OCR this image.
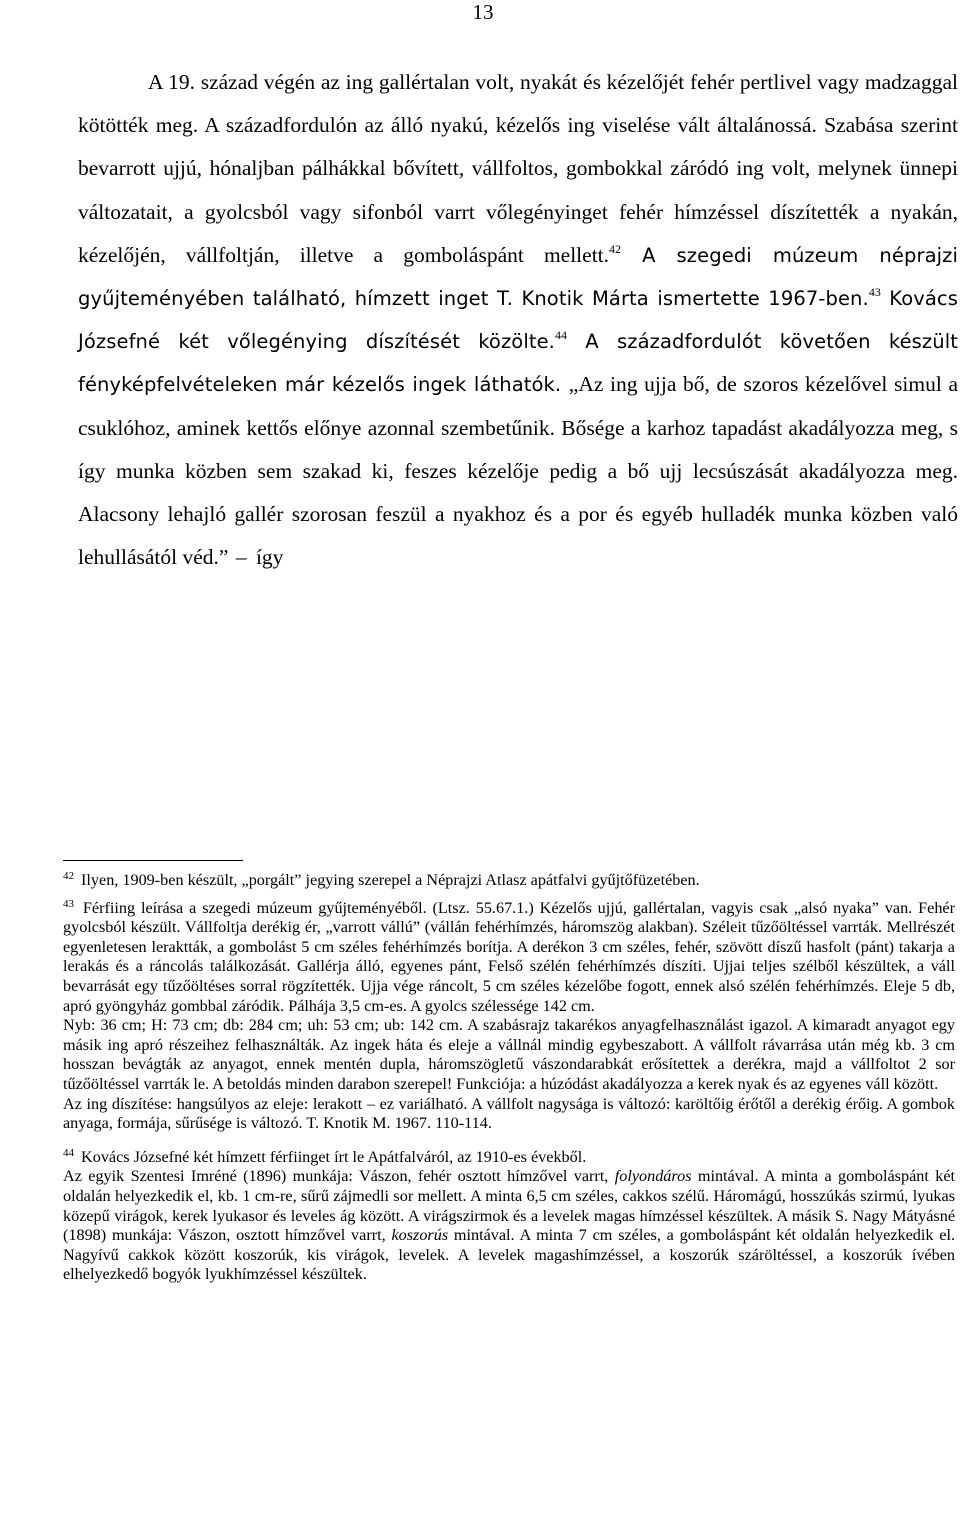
13
A 19. század végén az ing gallértalan volt, nyakát és kézelőjét fehér pertlivel vagy madzaggal kötötték meg. A századfordulón az álló nyakú, kézelős ing viselése vált általánossá. Szabása szerint bevarrott ujjú, hónaljban pálhákkal bővített, vállfoltos, gombokkal záródó ing volt, melynek ünnepi változatait, a gyolcsból vagy sifonból varrt vőlegényinget fehér hímzéssel díszítették a nyakán, kézelőjén, vállfoltján, illetve a gomboláspánt mellett.$^{42}$ A szegedi múzeum néprajzi gyűjteményében található, hímzett inget T. Knotik Márta ismertette 1967-ben.$^{43}$ Kovács Józsefné két vőlegénying díszítését közölte.$^{44}$ A századfordulót követően készült fényképfelvételeken már kézelős ingek láthatók. „Az ing ujja bő, de szoros kézelővel simul a csuklóhoz, aminek kettős előnye azonnal szembetűnik. Bősége a karhoz tapadást akadályozza meg, s így munka közben sem szakad ki, feszes kézelője pedig a bő ujj lecsúszását akadályozza meg. Alacsony lehajló gallér szorosan feszül a nyakhoz és a por és egyéb hulladék munka közben való lehullásától véd.” – így

$^{42}$ Ilyen, 1909-ben készült, „porgált” jegying szerepel a Néprajzi Atlasz apátfalvi gyűjtőfüzetében.

$^{43}$ Férfiing leírása a szegedi múzeum gyűjteményéből. (Ltsz. 55.67.1.) Kézelős ujjú, gallértalan, vagyis csak „alsó nyaka” van. Fehér gyolcsból készült. Vállfoltja derékig ér, „varrott vállú” (vállán fehérhímzés, háromszög alakban). Széleit tűzőöltéssel varrták. Mellrészét egyenletesen leraktták, a gombolást 5 cm széles fehérhímzés borítja. A derékon 3 cm széles, fehér, szövött díszű hasfolt (pánt) takarja a lerakás és a ráncolás találkozását. Gallérja álló, egyenes pánt, Felső szélén fehérhímzés díszíti. Ujjai teljes szélből készültek, a váll bevarrását egy tűzőöltéses sorral rögzítették. Ujja vége ráncolt, 5 cm széles kézelőbe fogott, ennek alsó szélén fehérhímzés. Eleje 5 db, apró gyöngyház gombbal záródik. Pálhája 3,5 cm-es. A gyolcs szélessége 142 cm.

Nyb: 36 cm; H: 73 cm; db: 284 cm; uh: 53 cm; ub: 142 cm. A szabásrajz takarékos anyagfelhasználást igazol. A kimaradt anyagot egy másik ing apró részeihez felhasználták. Az ingek háta és eleje a vállnál mindig egybeszabott. A vállfolt rávarrása után még kb. 3 cm hosszan bevágták az anyagot, ennek mentén dupla, háromszögletű vászondarabkát erősítettek a derékra, majd a vállfoltot 2 sor tűzőöltéssel varrták le. A betoldás minden darabon szerepel! Funkciója: a húzódást akadályozza a kerek nyak és az egyenes váll között.

Az ing díszítése: hangsúlyos az eleje: lerakott – ez variálható. A vállfolt nagysága is változó: karöltőig érőtől a derékig érőig. A gombok anyaga, formája, sűrűsége is változó. T. Knotik M. 1967. 110-114.

$^{44}$ Kovács Józsefné két hímzett férfiinget írt le Apátfalváról, az 1910-es évekből.

Az egyik Szentesi Imréné (1896) munkája: Vászon, fehér osztott hímzővel varrt, folyondáros mintával. A minta a gomboláspánt két oldalán helyezkedik el, kb. 1 cm-re, sűrű zájmedli sor mellett. A minta 6,5 cm széles, cakkos szélű. Háromágú, hosszúkás szirmú, lyukas közepű virágok, kerek lyukasor és leveles ág között. A virágszirmok és a levelek magas hímzéssel készültek. A másik S. Nagy Mátyásné (1898) munkája: Vászon, osztott hímzővel varrt, koszorús mintával. A minta 7 cm széles, a gomboláspánt két oldalán helyezkedik el. Nagyívű cakkok között koszorúk, kis virágok, levelek. A levelek magashímzéssel, a koszorúk száröltéssel, a koszorúk ívében elhelyezkedő bogyók lyukhímzéssel készültek.
